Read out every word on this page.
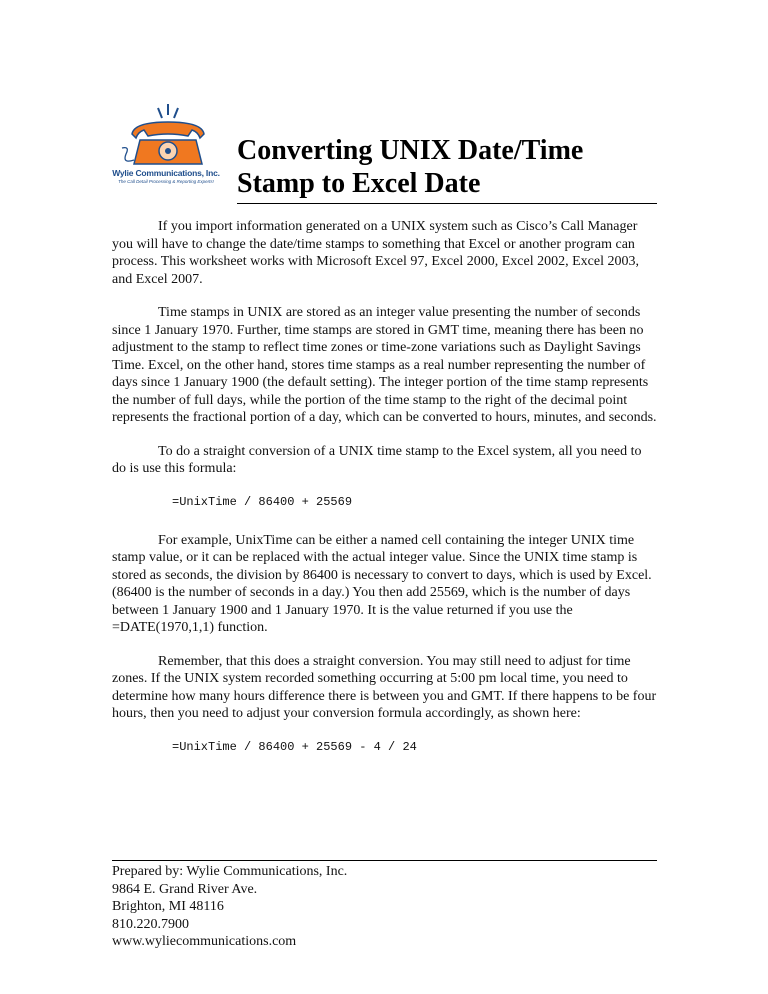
Wylie Communications, Inc.
The Call Detail Processing & Reporting Experts!
Converting UNIX Date/Time Stamp to Excel Date

If you import information generated on a UNIX system such as Cisco’s Call Manager you will have to change the date/time stamps to something that Excel or another program can process. This worksheet works with Microsoft Excel 97, Excel 2000, Excel 2002, Excel 2003, and Excel 2007.

Time stamps in UNIX are stored as an integer value presenting the number of seconds since 1 January 1970. Further, time stamps are stored in GMT time, meaning there has been no adjustment to the stamp to reflect time zones or time-zone variations such as Daylight Savings Time. Excel, on the other hand, stores time stamps as a real number representing the number of days since 1 January 1900 (the default setting). The integer portion of the time stamp represents the number of full days, while the portion of the time stamp to the right of the decimal point represents the fractional portion of a day, which can be converted to hours, minutes, and seconds.

To do a straight conversion of a UNIX time stamp to the Excel system, all you need to do is use this formula:

=UnixTime / 86400 + 25569

For example, UnixTime can be either a named cell containing the integer UNIX time stamp value, or it can be replaced with the actual integer value. Since the UNIX time stamp is stored as seconds, the division by 86400 is necessary to convert to days, which is used by Excel. (86400 is the number of seconds in a day.) You then add 25569, which is the number of days between 1 January 1900 and 1 January 1970. It is the value returned if you use the =DATE(1970,1,1) function.

Remember, that this does a straight conversion. You may still need to adjust for time zones. If the UNIX system recorded something occurring at 5:00 pm local time, you need to determine how many hours difference there is between you and GMT. If there happens to be four hours, then you need to adjust your conversion formula accordingly, as shown here:

=UnixTime / 86400 + 25569 - 4 / 24
Prepared by: Wylie Communications, Inc.
9864 E. Grand River Ave.
Brighton, MI 48116
810.220.7900
www.wyliecommunications.com
